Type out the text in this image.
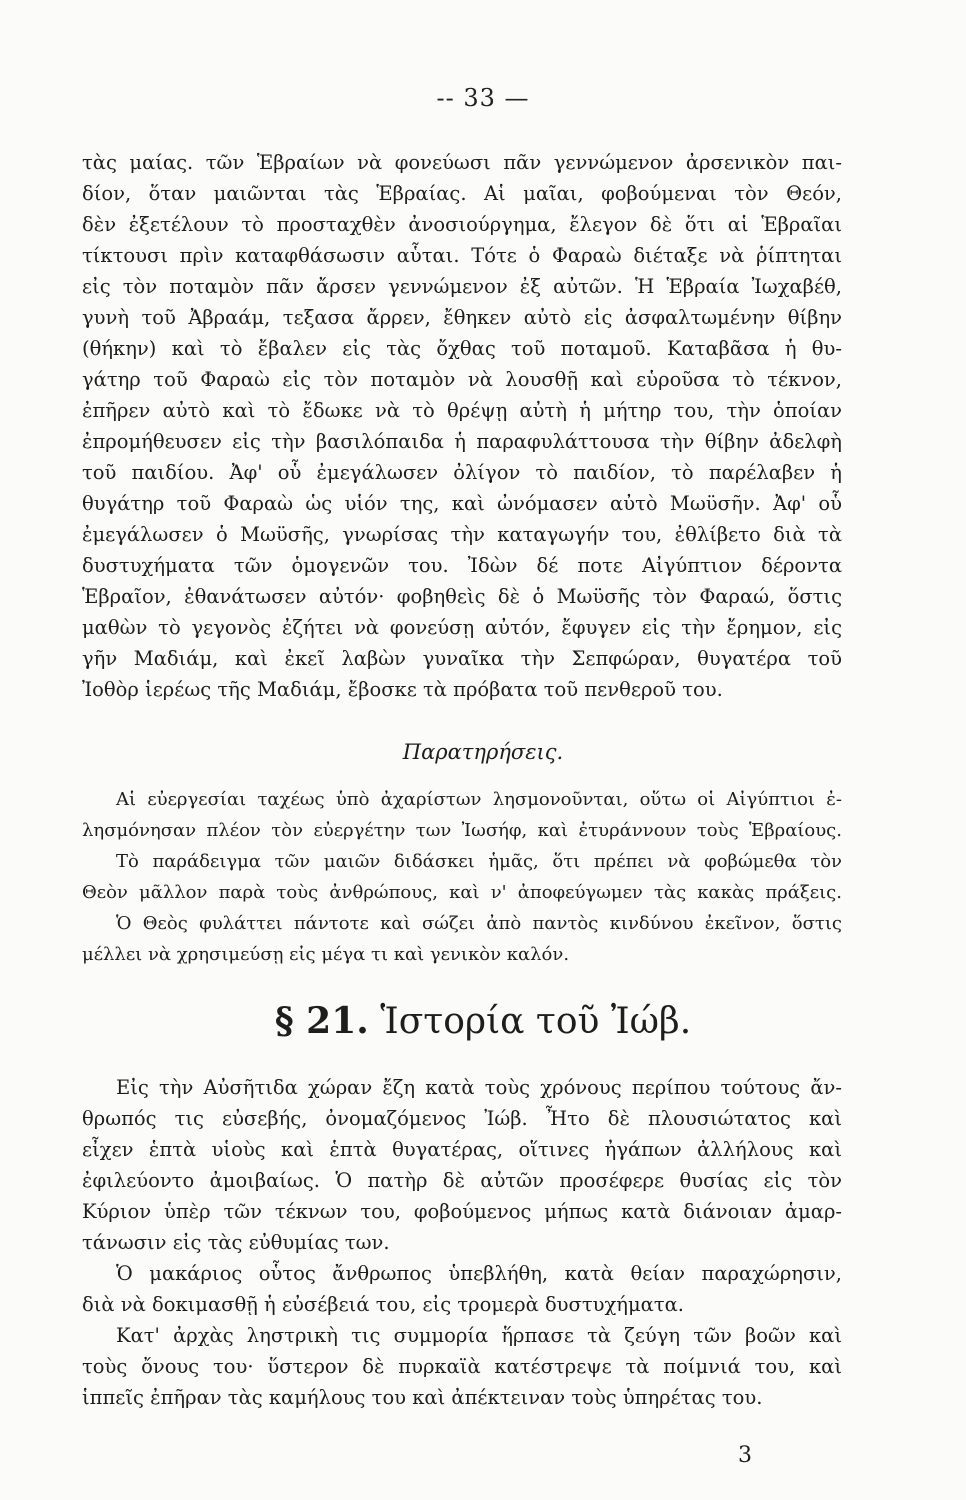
-- 33 —
τὰς μαίας. τῶν Ἑβραίων νὰ φονεύωσι πᾶν γεννώμενον ἀρσενικὸν παι-
δίον, ὅταν μαιῶνται τὰς Ἑβραίας. Αἱ μαῖαι, φοβούμεναι τὸν Θεόν,
δὲν ἐξετέλουν τὸ προσταχθὲν ἀνοσιούργημα, ἔλεγον δὲ ὅτι αἱ Ἑβραῖαι
τίκτουσι πρὶν καταφθάσωσιν αὗται. Τότε ὁ Φαραὼ διέταξε νὰ ῥίπτηται
εἰς τὸν ποταμὸν πᾶν ἄρσεν γεννώμενον ἐξ αὐτῶν. Ἡ Ἑβραία Ἰωχαβέθ,
γυνὴ τοῦ Ἀβραάμ, τεξασα ἄρρεν, ἔθηκεν αὐτὸ εἰς ἀσφαλτωμένην θίβην
(θήκην) καὶ τὸ ἔβαλεν εἰς τὰς ὄχθας τοῦ ποταμοῦ. Καταβᾶσα ἡ θυ-
γάτηρ τοῦ Φαραὼ εἰς τὸν ποταμὸν νὰ λουσθῇ καὶ εὑροῦσα τὸ τέκνον,
ἐπῆρεν αὐτὸ καὶ τὸ ἔδωκε νὰ τὸ θρέψῃ αὐτὴ ἡ μήτηρ του, τὴν ὁποίαν
ἐπρομήθευσεν εἰς τὴν βασιλόπαιδα ἡ παραφυλάττουσα τὴν θίβην ἀδελφὴ
τοῦ παιδίου. Ἀφ' οὗ ἐμεγάλωσεν ὀλίγον τὸ παιδίον, τὸ παρέλαβεν ἡ
θυγάτηρ τοῦ Φαραὼ ὡς υἱόν της, καὶ ὠνόμασεν αὐτὸ Μωϋσῆν. Ἀφ' οὗ
ἐμεγάλωσεν ὁ Μωϋσῆς, γνωρίσας τὴν καταγωγήν του, ἐθλίβετο διὰ τὰ
δυστυχήματα τῶν ὁμογενῶν του. Ἰδὼν δέ ποτε Αἰγύπτιον δέροντα
Ἑβραῖον, ἐθανάτωσεν αὐτόν· φοβηθεὶς δὲ ὁ Μωϋσῆς τὸν Φαραώ, ὅστις
μαθὼν τὸ γεγονὸς ἐζήτει νὰ φονεύσῃ αὐτόν, ἔφυγεν εἰς τὴν ἔρημον, εἰς
γῆν Μαδιάμ, καὶ ἐκεῖ λαβὼν γυναῖκα τὴν Σεπφώραν, θυγατέρα τοῦ
Ἰοθὸρ ἱερέως τῆς Μαδιάμ, ἔβοσκε τὰ πρόβατα τοῦ πενθεροῦ του.
Παρατηρήσεις.
Αἱ εὐεργεσίαι ταχέως ὑπὸ ἀχαρίστων λησμονοῦνται, οὕτω οἱ Αἰγύπτιοι ἐ-
λησμόνησαν πλέον τὸν εὐεργέτην των Ἰωσήφ, καὶ ἐτυράννουν τοὺς Ἑβραίους.
Τὸ παράδειγμα τῶν μαιῶν διδάσκει ἡμᾶς, ὅτι πρέπει νὰ φοβώμεθα τὸν
Θεὸν μᾶλλον παρὰ τοὺς ἀνθρώπους, καὶ ν' ἀποφεύγωμεν τὰς κακὰς πράξεις.
Ὁ Θεὸς φυλάττει πάντοτε καὶ σώζει ἀπὸ παντὸς κινδύνου ἐκεῖνον, ὅστις
μέλλει νὰ χρησιμεύσῃ εἰς μέγα τι καὶ γενικὸν καλόν.
§ 21. Ἱστορία τοῦ Ἰώβ.
Εἰς τὴν Αὐσῆτιδα χώραν ἔζη κατὰ τοὺς χρόνους περίπου τούτους ἄν-
θρωπός τις εὐσεβής, ὀνομαζόμενος Ἰώβ. Ἦτο δὲ πλουσιώτατος καὶ
εἶχεν ἑπτὰ υἱοὺς καὶ ἑπτὰ θυγατέρας, οἵτινες ἠγάπων ἀλλήλους καὶ
ἐφιλεύοντο ἀμοιβαίως. Ὁ πατὴρ δὲ αὐτῶν προσέφερε θυσίας εἰς τὸν
Κύριον ὑπὲρ τῶν τέκνων του, φοβούμενος μήπως κατὰ διάνοιαν ἁμαρ-
τάνωσιν εἰς τὰς εὐθυμίας των.
Ὁ μακάριος οὗτος ἄνθρωπος ὑπεβλήθη, κατὰ θείαν παραχώρησιν,
διὰ νὰ δοκιμασθῇ ἡ εὐσέβειά του, εἰς τρομερὰ δυστυχήματα.
Κατ' ἀρχὰς ληστρικὴ τις συμμορία ἥρπασε τὰ ζεύγη τῶν βοῶν καὶ
τοὺς ὄνους του· ὕστερον δὲ πυρκαϊὰ κατέστρεψε τὰ ποίμνιά του, καὶ
ἱππεῖς ἐπῆραν τὰς καμήλους του καὶ ἀπέκτειναν τοὺς ὑπηρέτας του.
3
